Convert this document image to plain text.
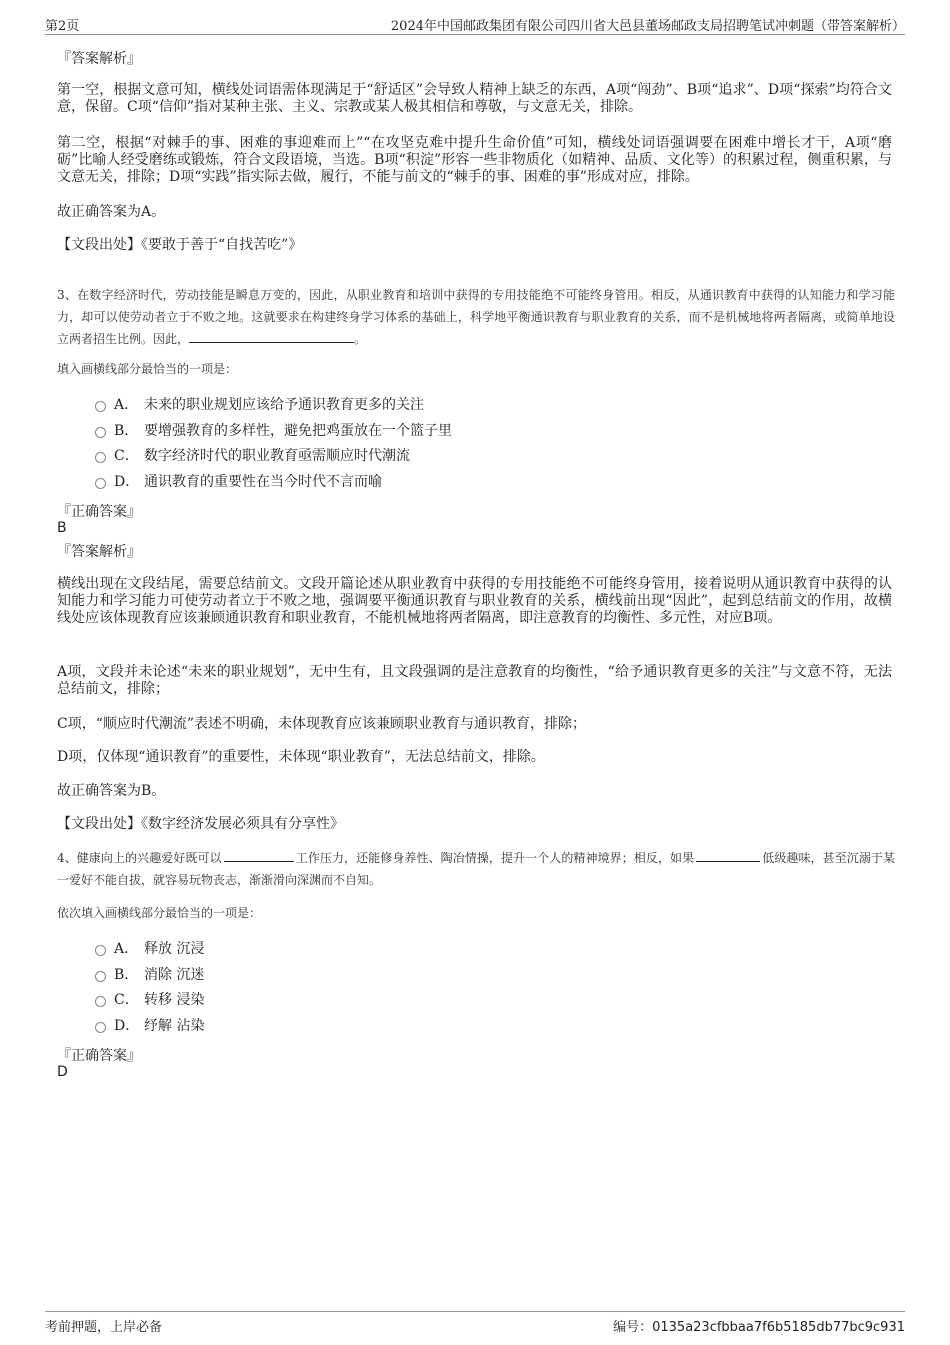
第2页	2024年中国邮政集团有限公司四川省大邑县董场邮政支局招聘笔试冲刺题（带答案解析）
『答案解析』
第一空，根据文意可知，横线处词语需体现满足于“舒适区”会导致人精神上缺乏的东西，A项“闯劲”、B项“追求”、D项“探索”均符合文意，保留。C项“信仰”指对某种主张、主义、宗教或某人极其相信和尊敬，与文意无关，排除。
第二空，根据“对棘手的事、困难的事迎难而上”“在攻坚克难中提升生命价值”可知，横线处词语强调要在困难中增长才干，A项“磨砺”比喻人经受磨练或锻炼，符合文段语境，当选。B项“积淀”形容一些非物质化（如精神、品质、文化等）的积累过程，侧重积累，与文意无关，排除；D项“实践”指实际去做，履行，不能与前文的“棘手的事、困难的事”形成对应，排除。
故正确答案为A。
【文段出处】《要敢于善于“自找苦吃”》
3、在数字经济时代，劳动技能是瞬息万变的，因此，从职业教育和培训中获得的专用技能绝不可能终身管用。相反，从通识教育中获得的认知能力和学习能力，却可以使劳动者立于不败之地。这就要求在构建终身学习体系的基础上，科学地平衡通识教育与职业教育的关系，而不是机械地将两者隔离，或简单地设立两者招生比例。因此，	。
填入画横线部分最恰当的一项是：
A． 未来的职业规划应该给予通识教育更多的关注
B． 要增强教育的多样性，避免把鸡蛋放在一个篮子里
C． 数字经济时代的职业教育亟需顺应时代潮流
D． 通识教育的重要性在当今时代不言而喻
『正确答案』
B
『答案解析』
横线出现在文段结尾，需要总结前文。文段开篇论述从职业教育中获得的专用技能绝不可能终身管用，接着说明从通识教育中获得的认知能力和学习能力可使劳动者立于不败之地，强调要平衡通识教育与职业教育的关系，横线前出现“因此”，起到总结前文的作用，故横线处应该体现教育应该兼顾通识教育和职业教育，不能机械地将两者隔离，即注意教育的均衡性、多元性，对应B项。
A项，文段并未论述“未来的职业规划”，无中生有，且文段强调的是注意教育的均衡性，“给予通识教育更多的关注”与文意不符，无法总结前文，排除；
C项，“顺应时代潮流”表述不明确，未体现教育应该兼顾职业教育与通识教育，排除；
D项，仅体现“通识教育”的重要性，未体现“职业教育”，无法总结前文，排除。
故正确答案为B。
【文段出处】《数字经济发展必须具有分享性》
4、健康向上的兴趣爱好既可以	工作压力，还能修身养性、陶冶情操，提升一个人的精神境界；相反，如果	低级趣味，甚至沉溺于某一爱好不能自拔，就容易玩物丧志，渐渐滑向深渊而不自知。
依次填入画横线部分最恰当的一项是：
A． 释放 沉浸
B． 消除 沉迷
C． 转移 浸染
D． 纾解 沾染
『正确答案』
D
考前押题，上岸必备	编号：0135a23cfbbaa7f6b5185db77bc9c931
